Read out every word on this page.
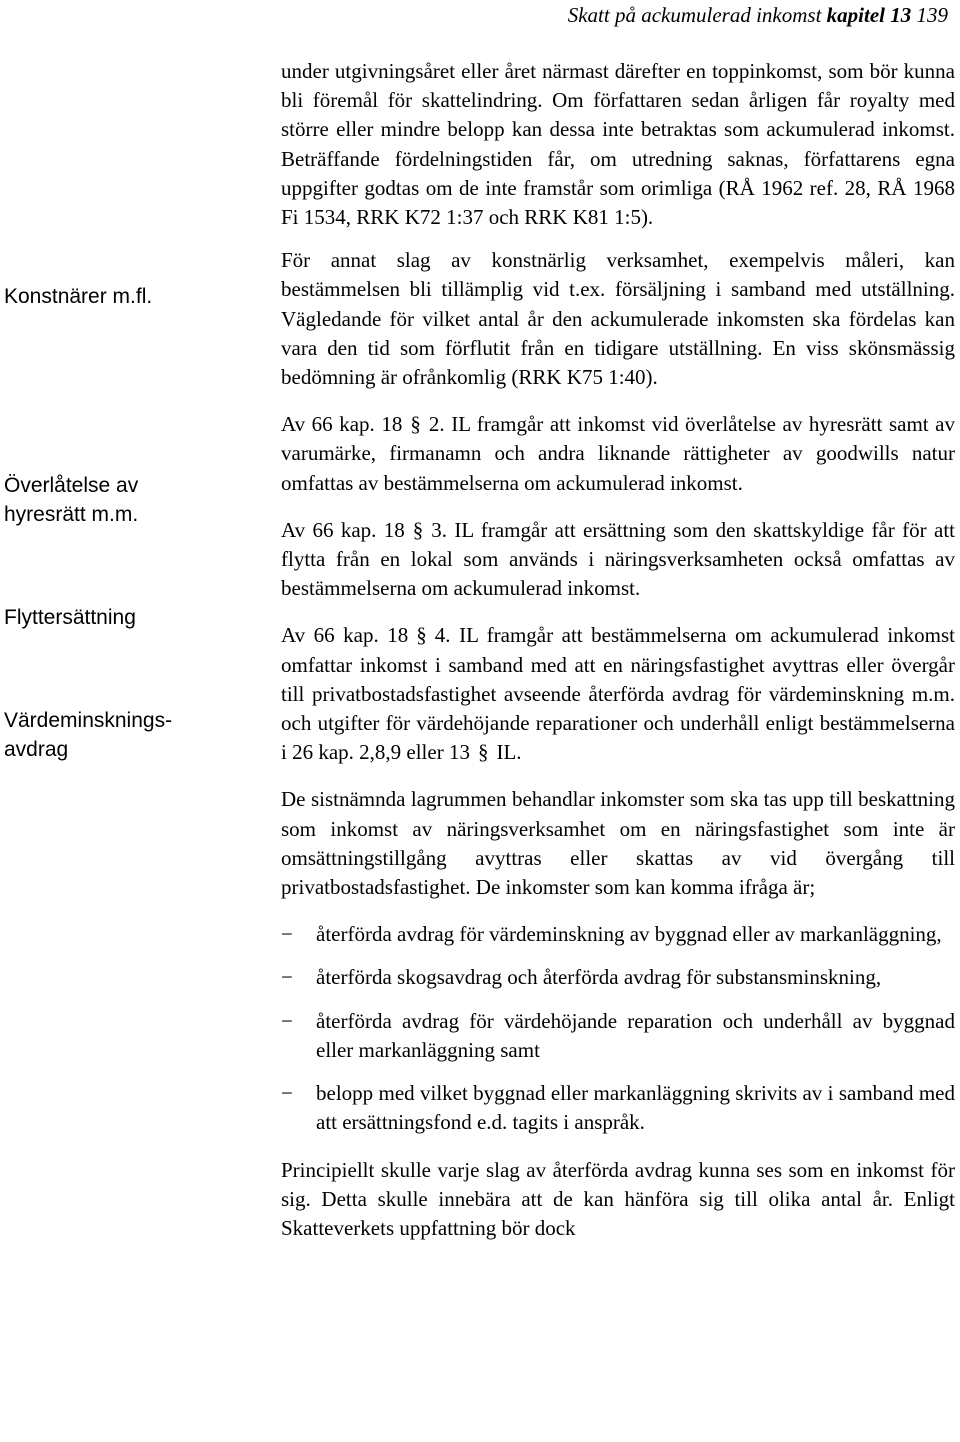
Skatt på ackumulerad inkomst kapitel 13 139
Konstnärer m.fl.
Överlåtelse av
hyresrätt m.m.
Flyttersättning
Värdeminsknings-
avdrag

under utgivningsåret eller året närmast därefter en toppinkomst, som bör kunna bli föremål för skattelindring. Om författaren sedan årligen får royalty med större eller mindre belopp kan dessa inte betraktas som ackumulerad inkomst. Beträffande fördelningstiden får, om utredning saknas, författarens egna uppgifter godtas om de inte framstår som orimliga (RÅ 1962 ref. 28, RÅ 1968 Fi 1534, RRK K72 1:37 och RRK K81 1:5).

För annat slag av konstnärlig verksamhet, exempelvis måleri, kan bestämmelsen bli tillämplig vid t.ex. försäljning i samband med utställning. Vägledande för vilket antal år den ackumulerade inkomsten ska fördelas kan vara den tid som förflutit från en tidigare utställning. En viss skönsmässig bedömning är ofrånkomlig (RRK K75 1:40).

Av 66 kap. 18 § 2. IL framgår att inkomst vid överlåtelse av hyresrätt samt av varumärke, firmanamn och andra liknande rättigheter av goodwills natur omfattas av bestämmelserna om ackumulerad inkomst.

Av 66 kap. 18 § 3. IL framgår att ersättning som den skattskyldige får för att flytta från en lokal som används i näringsverksamheten också omfattas av bestämmelserna om ackumulerad inkomst.

Av 66 kap. 18 § 4. IL framgår att bestämmelserna om ackumulerad inkomst omfattar inkomst i samband med att en näringsfastighet avyttras eller övergår till privatbostadsfastighet avseende återförda avdrag för värdeminskning m.m. och utgifter för värdehöjande reparationer och underhåll enligt bestämmelserna i 26 kap. 2,8,9 eller 13 § IL.

De sistnämnda lagrummen behandlar inkomster som ska tas upp till beskattning som inkomst av näringsverksamhet om en näringsfastighet som inte är omsättningstillgång avyttras eller skattas av vid övergång till privatbostadsfastighet. De inkomster som kan komma ifråga är;

− återförda avdrag för värdeminskning av byggnad eller av markanläggning,
− återförda skogsavdrag och återförda avdrag för substansminskning,
− återförda avdrag för värdehöjande reparation och underhåll av byggnad eller markanläggning samt
− belopp med vilket byggnad eller markanläggning skrivits av i samband med att ersättningsfond e.d. tagits i anspråk.

Principiellt skulle varje slag av återförda avdrag kunna ses som en inkomst för sig. Detta skulle innebära att de kan hänföra sig till olika antal år. Enligt Skatteverkets uppfattning bör dock
